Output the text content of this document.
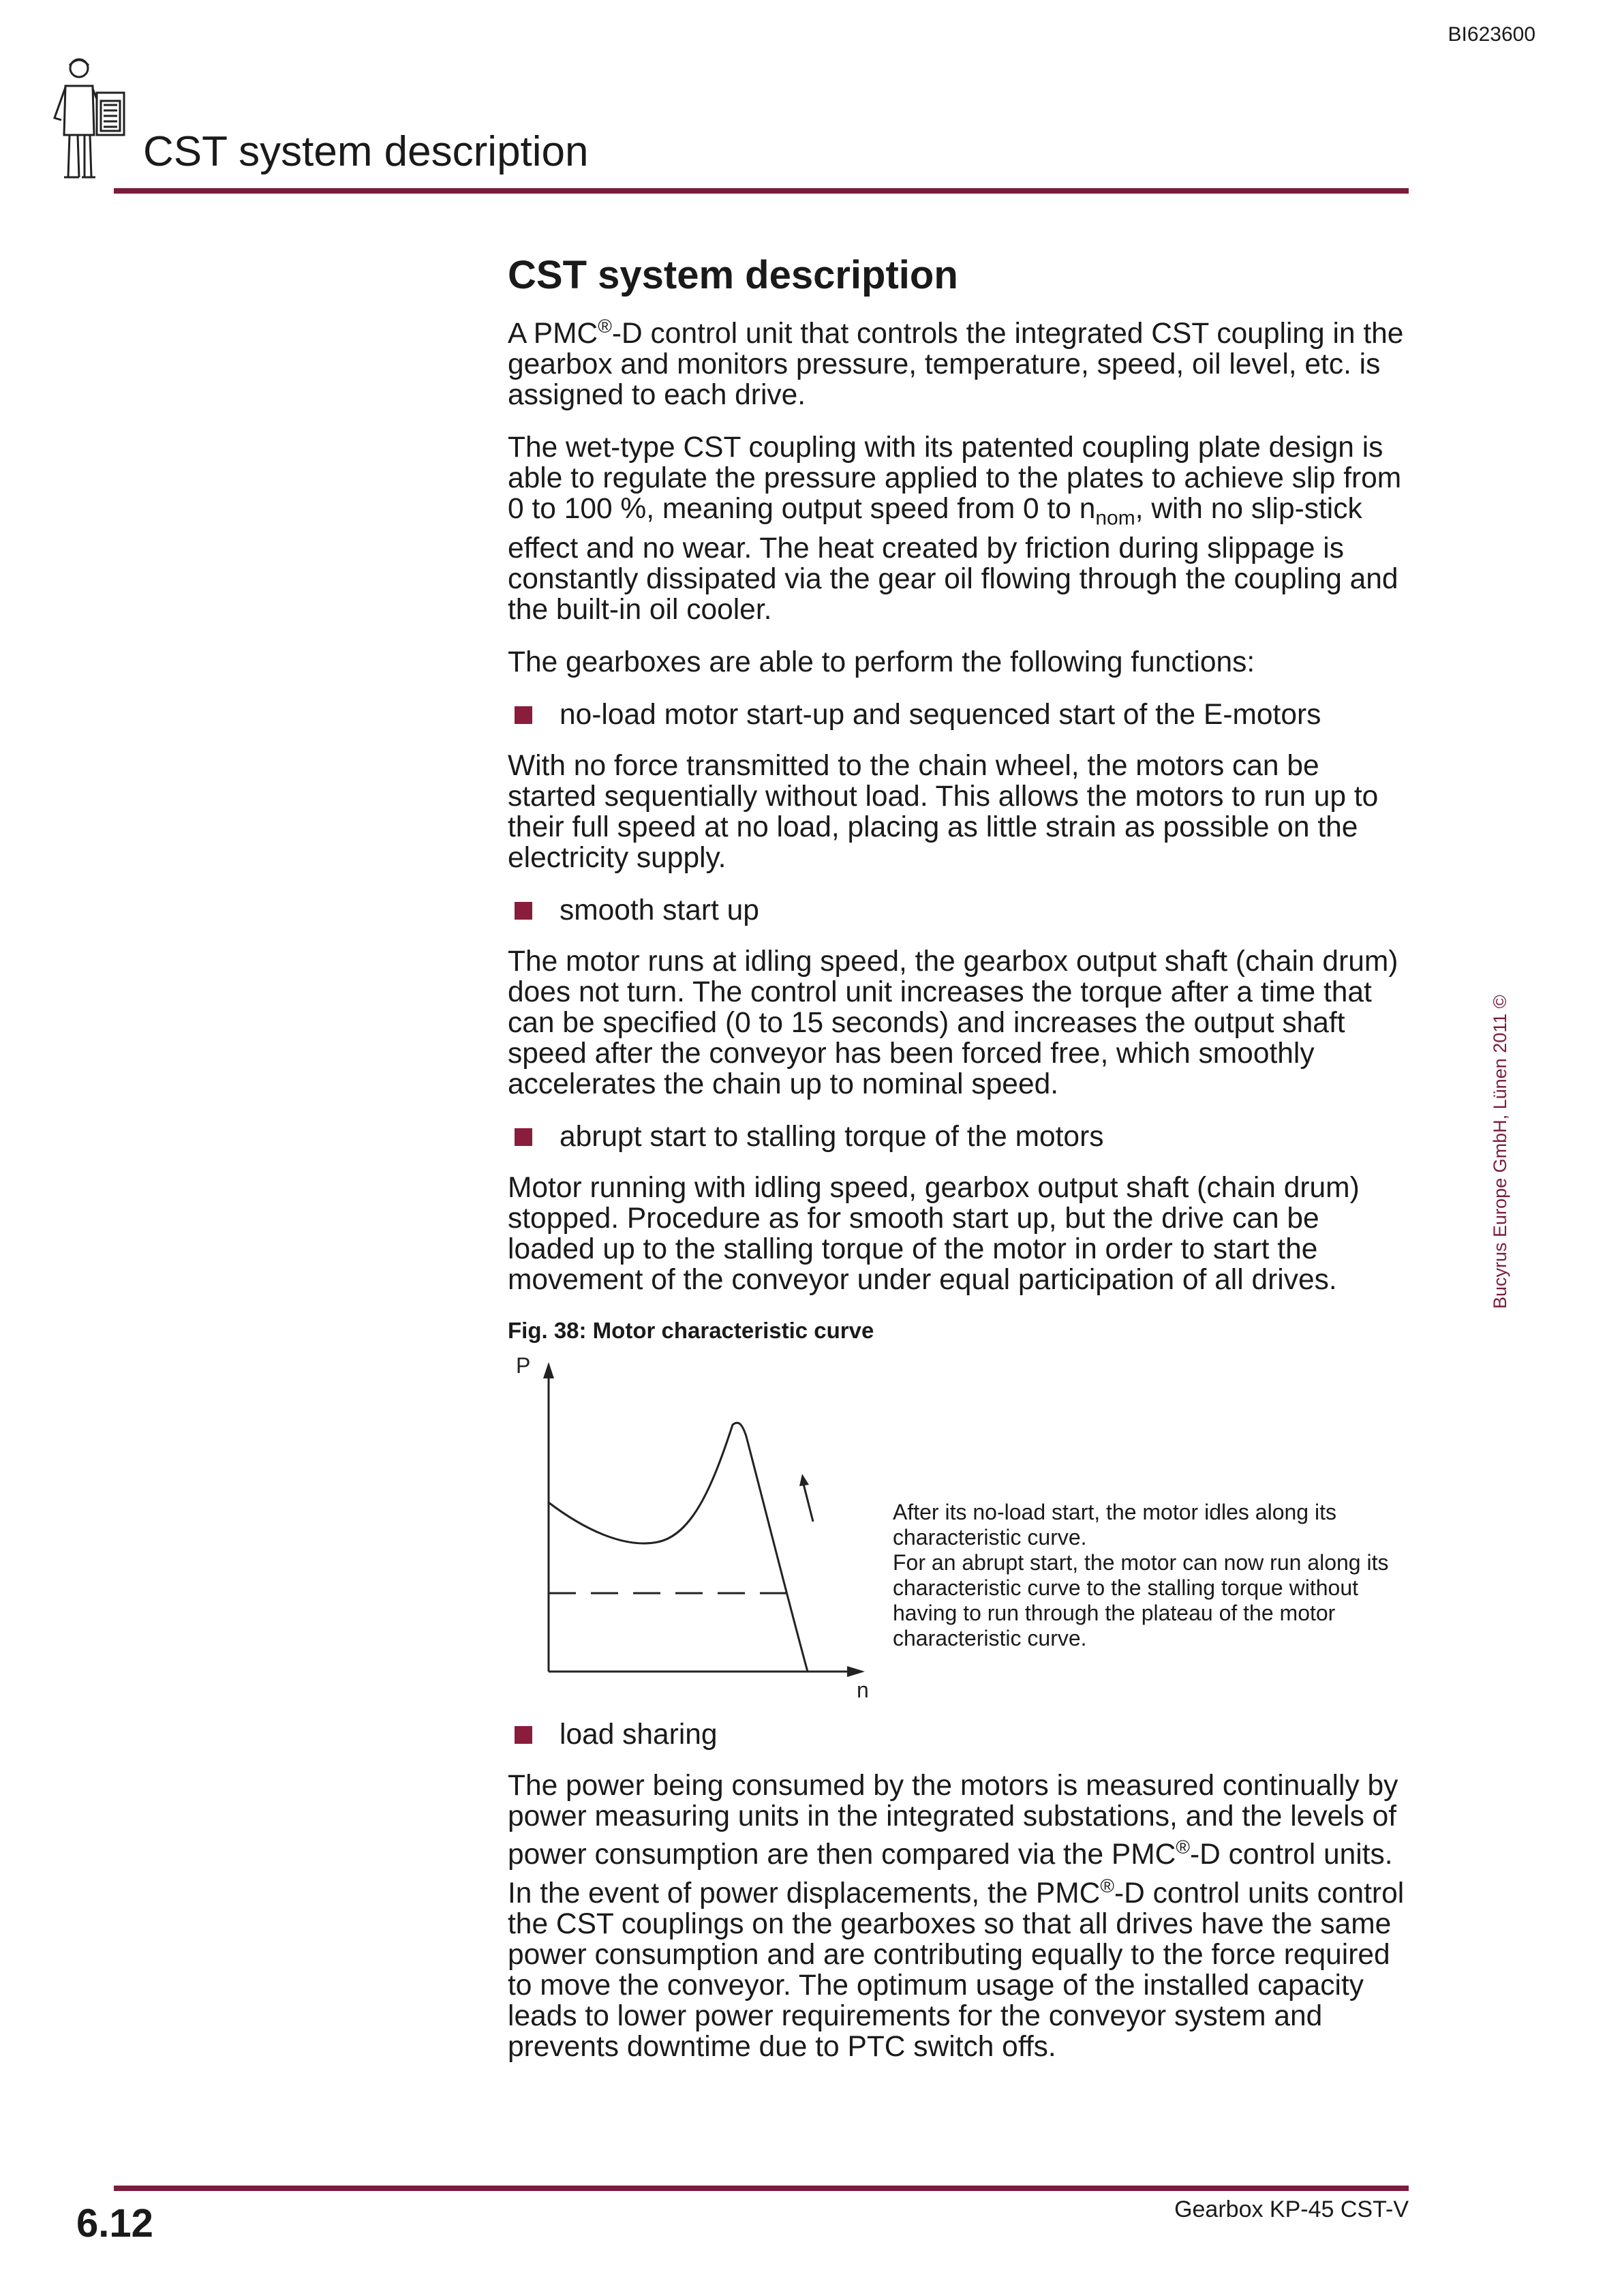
BI623600
CST system description
CST system description

A PMC®-D control unit that controls the integrated CST coupling in the gearbox and monitors pressure, temperature, speed, oil level, etc. is assigned to each drive.

The wet-type CST coupling with its patented coupling plate design is able to regulate the pressure applied to the plates to achieve slip from 0 to 100 %, meaning output speed from 0 to $n_{nom}$, with no slip-stick effect and no wear. The heat created by friction during slippage is constantly dissipated via the gear oil flowing through the coupling and the built-in oil cooler.

The gearboxes are able to perform the following functions:

no-load motor start-up and sequenced start of the E-motors

With no force transmitted to the chain wheel, the motors can be started sequentially without load. This allows the motors to run up to their full speed at no load, placing as little strain as possible on the electricity supply.

smooth start up

The motor runs at idling speed, the gearbox output shaft (chain drum) does not turn. The control unit increases the torque after a time that can be specified (0 to 15 seconds) and increases the output shaft speed after the conveyor has been forced free, which smoothly accelerates the chain up to nominal speed.

abrupt start to stalling torque of the motors

Motor running with idling speed, gearbox output shaft (chain drum) stopped. Procedure as for smooth start up, but the drive can be loaded up to the stalling torque of the motor in order to start the movement of the conveyor under equal participation of all drives.

Fig. 38: Motor characteristic curve
P
n
After its no-load start, the motor idles along its characteristic curve.
For an abrupt start, the motor can now run along its characteristic curve to the stalling torque without having to run through the plateau of the motor characteristic curve.
load sharing

The power being consumed by the motors is measured continually by power measuring units in the integrated substations, and the levels of power consumption are then compared via the PMC®-D control units. In the event of power displacements, the PMC®-D control units control the CST couplings on the gearboxes so that all drives have the same power consumption and are contributing equally to the force required to move the conveyor. The optimum usage of the installed capacity leads to lower power requirements for the conveyor system and prevents downtime due to PTC switch offs.

Bucyrus Europe GmbH, Lünen 2011 ©
6.12	Gearbox KP-45 CST-V
